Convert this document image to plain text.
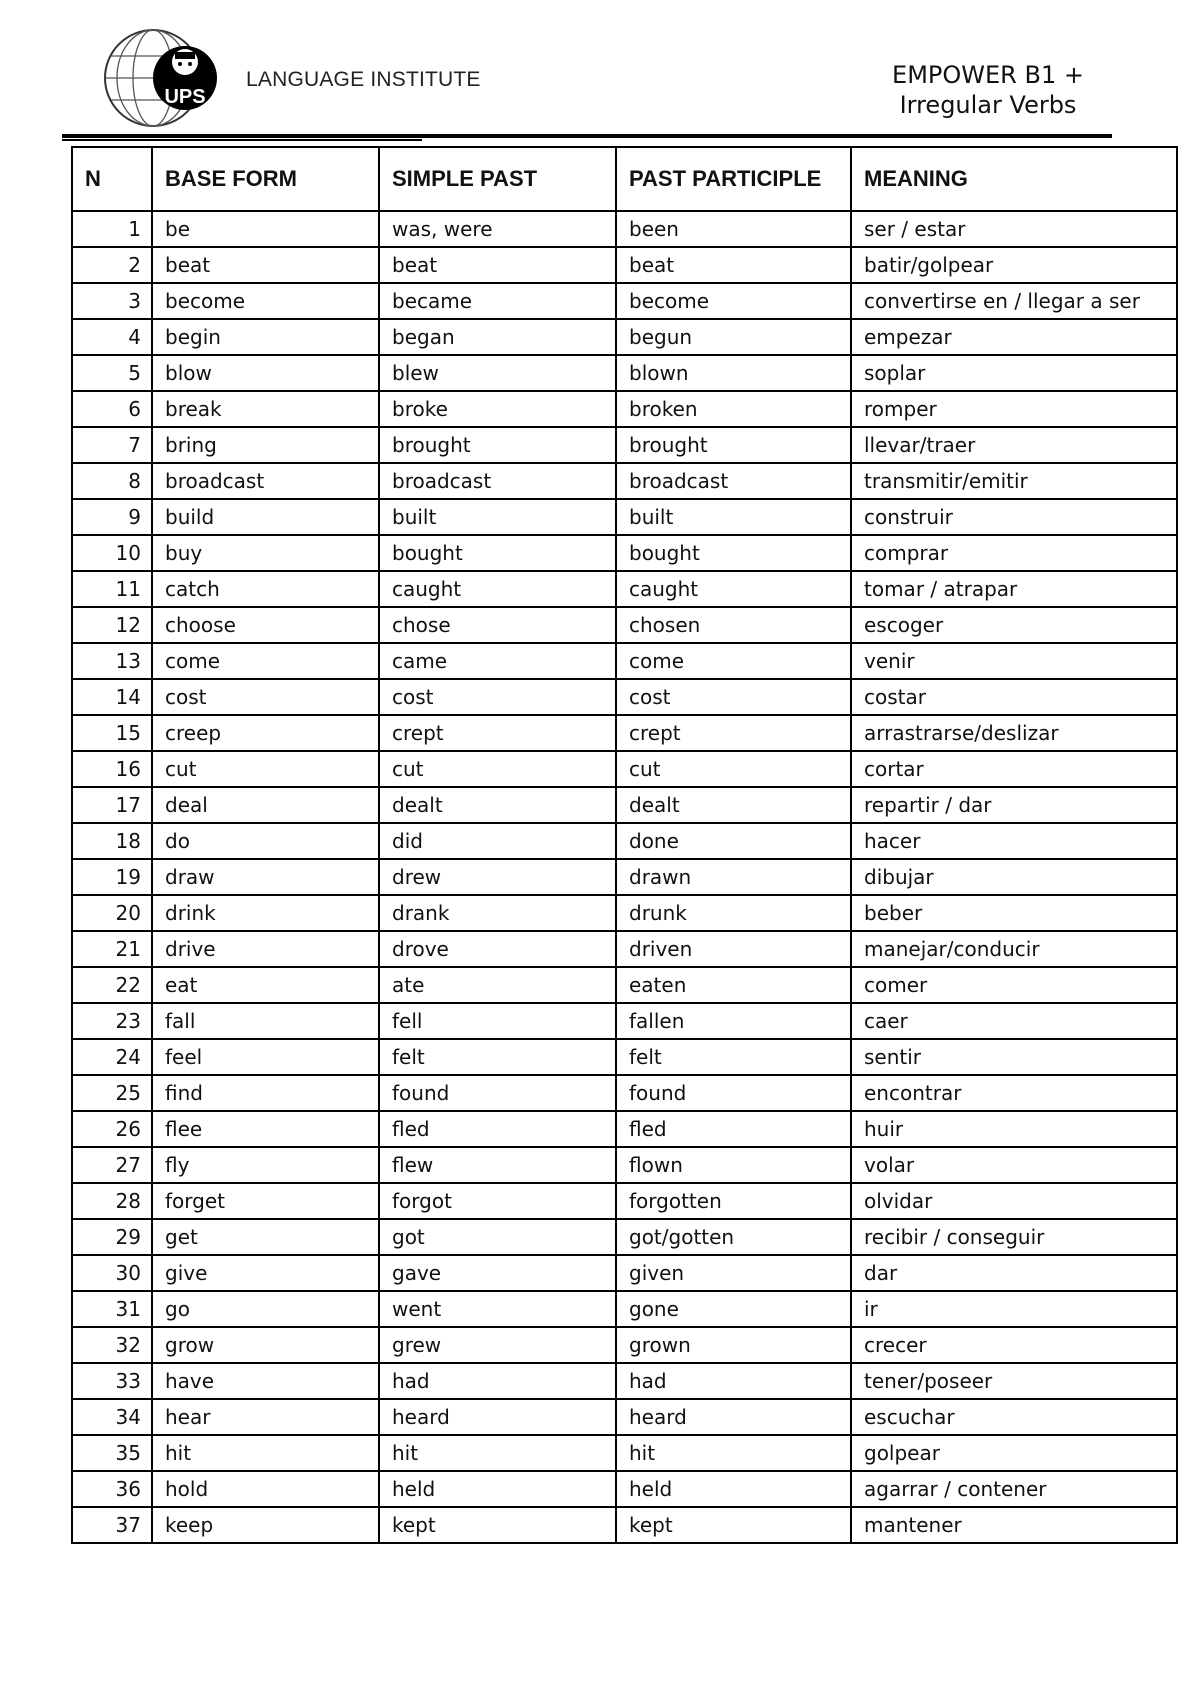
UPS
LANGUAGE INSTITUTE	EMPOWER B1 +
Irregular Verbs
N	BASE FORM	SIMPLE PAST	PAST PARTICIPLE	MEANING
1	be	was, were	been	ser / estar
2	beat	beat	beat	batir/golpear
3	become	became	become	convertirse en / llegar a ser
4	begin	began	begun	empezar
5	blow	blew	blown	soplar
6	break	broke	broken	romper
7	bring	brought	brought	llevar/traer
8	broadcast	broadcast	broadcast	transmitir/emitir
9	build	built	built	construir
10	buy	bought	bought	comprar
11	catch	caught	caught	tomar / atrapar
12	choose	chose	chosen	escoger
13	come	came	come	venir
14	cost	cost	cost	costar
15	creep	crept	crept	arrastrarse/deslizar
16	cut	cut	cut	cortar
17	deal	dealt	dealt	repartir / dar
18	do	did	done	hacer
19	draw	drew	drawn	dibujar
20	drink	drank	drunk	beber
21	drive	drove	driven	manejar/conducir
22	eat	ate	eaten	comer
23	fall	fell	fallen	caer
24	feel	felt	felt	sentir
25	find	found	found	encontrar
26	flee	fled	fled	huir
27	fly	flew	flown	volar
28	forget	forgot	forgotten	olvidar
29	get	got	got/gotten	recibir / conseguir
30	give	gave	given	dar
31	go	went	gone	ir
32	grow	grew	grown	crecer
33	have	had	had	tener/poseer
34	hear	heard	heard	escuchar
35	hit	hit	hit	golpear
36	hold	held	held	agarrar / contener
37	keep	kept	kept	mantener
